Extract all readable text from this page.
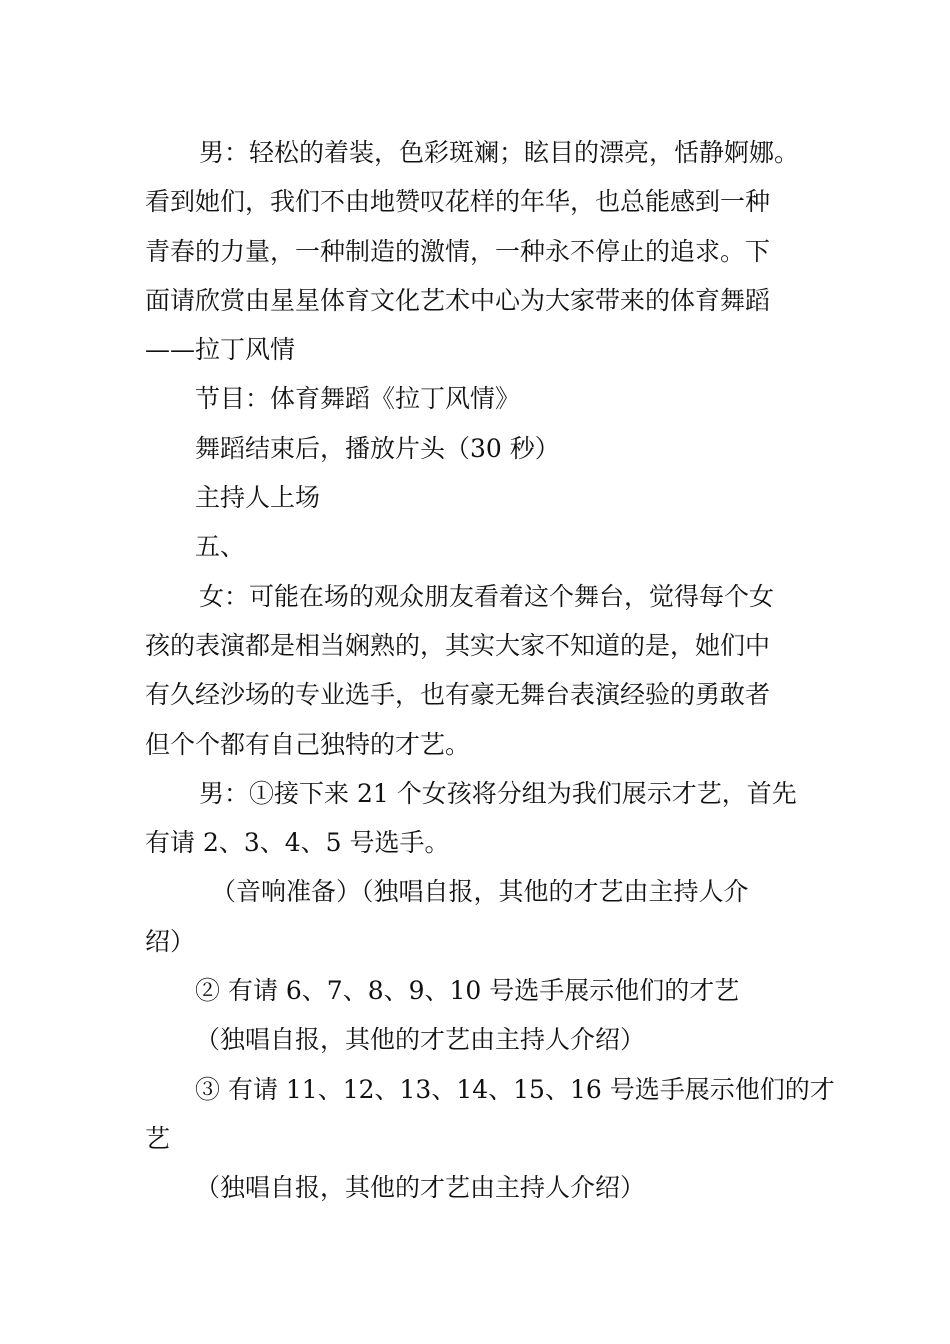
男：轻松的着装，色彩斑斓；眩目的漂亮，恬静婀娜。
看到她们，我们不由地赞叹花样的年华，也总能感到一种
青春的力量，一种制造的激情，一种永不停止的追求。下
面请欣赏由星星体育文化艺术中心为大家带来的体育舞蹈
——拉丁风情
节目：体育舞蹈《拉丁风情》
舞蹈结束后，播放片头（30 秒）
主持人上场
五、
女：可能在场的观众朋友看着这个舞台，觉得每个女
孩的表演都是相当娴熟的，其实大家不知道的是，她们中
有久经沙场的专业选手，也有豪无舞台表演经验的勇敢者
但个个都有自己独特的才艺。
男：①接下来 21 个女孩将分组为我们展示才艺，首先
有请 2、3、4、5 号选手。
（音响准备）（独唱自报，其他的才艺由主持人介
绍）
② 有请 6、7、8、9、10 号选手展示他们的才艺
（独唱自报，其他的才艺由主持人介绍）
③ 有请 11、12、13、14、15、16 号选手展示他们的才
艺
（独唱自报，其他的才艺由主持人介绍）
